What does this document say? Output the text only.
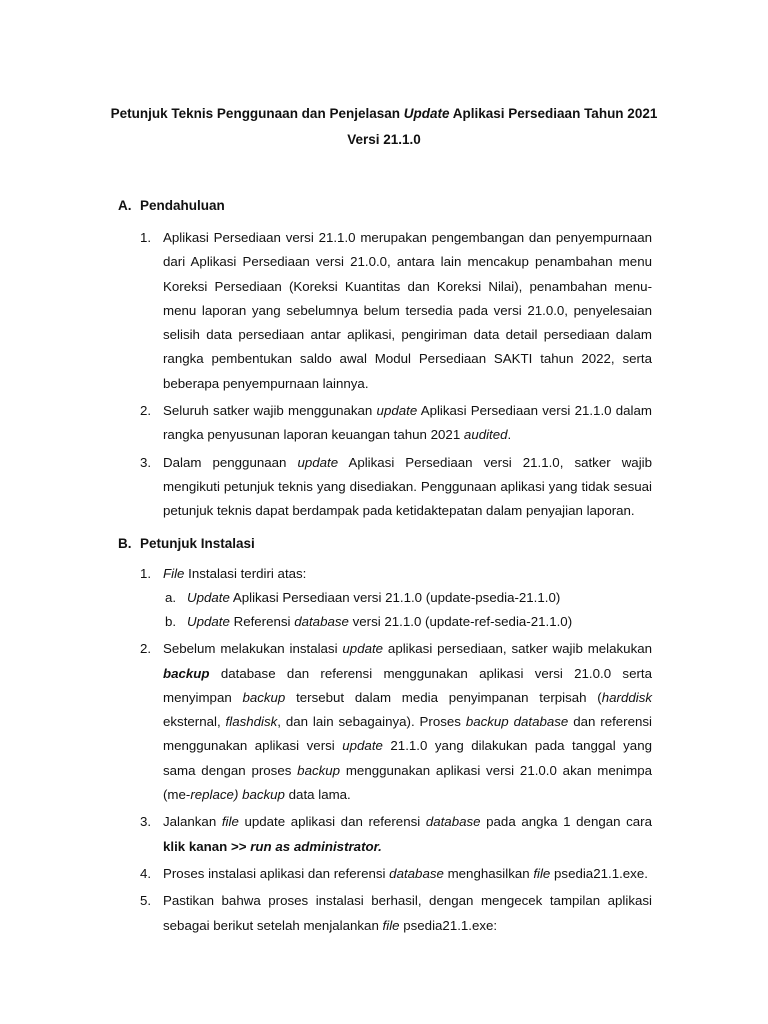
Petunjuk Teknis Penggunaan dan Penjelasan Update Aplikasi Persediaan Tahun 2021
Versi 21.1.0
A. Pendahuluan
1. Aplikasi Persediaan versi 21.1.0 merupakan pengembangan dan penyempurnaan dari Aplikasi Persediaan versi 21.0.0, antara lain mencakup penambahan menu Koreksi Persediaan (Koreksi Kuantitas dan Koreksi Nilai), penambahan menu-menu laporan yang sebelumnya belum tersedia pada versi 21.0.0, penyelesaian selisih data persediaan antar aplikasi, pengiriman data detail persediaan dalam rangka pembentukan saldo awal Modul Persediaan SAKTI tahun 2022, serta beberapa penyempurnaan lainnya.
2. Seluruh satker wajib menggunakan update Aplikasi Persediaan versi 21.1.0 dalam rangka penyusunan laporan keuangan tahun 2021 audited.
3. Dalam penggunaan update Aplikasi Persediaan versi 21.1.0, satker wajib mengikuti petunjuk teknis yang disediakan. Penggunaan aplikasi yang tidak sesuai petunjuk teknis dapat berdampak pada ketidaktepatan dalam penyajian laporan.
B. Petunjuk Instalasi
1. File Instalasi terdiri atas:
a. Update Aplikasi Persediaan versi 21.1.0 (update-psedia-21.1.0)
b. Update Referensi database versi 21.1.0 (update-ref-sedia-21.1.0)
2. Sebelum melakukan instalasi update aplikasi persediaan, satker wajib melakukan backup database dan referensi menggunakan aplikasi versi 21.0.0 serta menyimpan backup tersebut dalam media penyimpanan terpisah (harddisk eksternal, flashdisk, dan lain sebagainya). Proses backup database dan referensi menggunakan aplikasi versi update 21.1.0 yang dilakukan pada tanggal yang sama dengan proses backup menggunakan aplikasi versi 21.0.0 akan menimpa (me-replace) backup data lama.
3. Jalankan file update aplikasi dan referensi database pada angka 1 dengan cara klik kanan >> run as administrator.
4. Proses instalasi aplikasi dan referensi database menghasilkan file psedia21.1.exe.
5. Pastikan bahwa proses instalasi berhasil, dengan mengecek tampilan aplikasi sebagai berikut setelah menjalankan file psedia21.1.exe:
